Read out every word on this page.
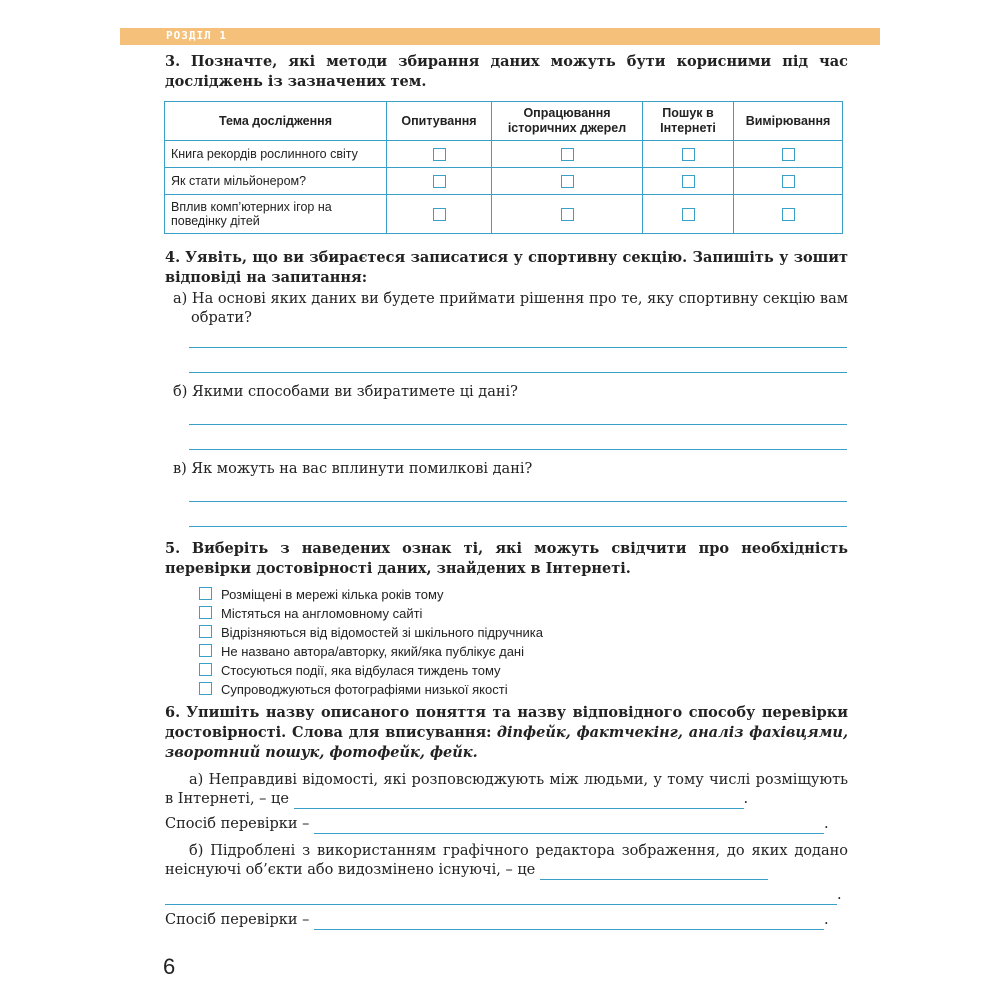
РОЗДІЛ 1
3. Позначте, які методи збирання даних можуть бути корисними під час досліджень із зазначених тем.
Тема дослідження	Опитування	Опрацювання історичних джерел	Пошук в Інтернеті	Вимірювання
Книга рекордів рослинного світу				
Як стати мільйонером?				
Вплив комп’ютерних ігор на поведінку дітей				
4. Уявіть, що ви збираєтеся записатися у спортивну секцію. Запишіть у зошит відповіді на запитання:
а) На основі яких даних ви будете приймати рішення про те, яку спортивну секцію вам обрати?
б) Якими способами ви збиратимете ці дані?
в) Як можуть на вас вплинути помилкові дані?
5. Виберіть з наведених ознак ті, які можуть свідчити про необхідність перевірки достовірності даних, знайдених в Інтернеті.
Розміщені в мережі кілька років тому
Містяться на англомовному сайті
Відрізняються від відомостей зі шкільного підручника
Не названо автора/авторку, який/яка публікує дані
Стосуються події, яка відбулася тиждень тому
Супроводжуються фотографіями низької якості
6. Упишіть назву описаного поняття та назву відповідного способу перевірки достовірності. Слова для вписування: діпфейк, фактчекінг, аналіз фахівцями, зворотний пошук, фотофейк, фейк.
а) Неправдиві відомості, які розповсюджують між людьми, у тому числі розміщують в Інтернеті, – це	.
Спосіб перевірки –	.
б) Підроблені з використанням графічного редактора зображення, до яких додано неіснуючі об’єкти або видозмінено існуючі, – це
.
Спосіб перевірки –	.
6
